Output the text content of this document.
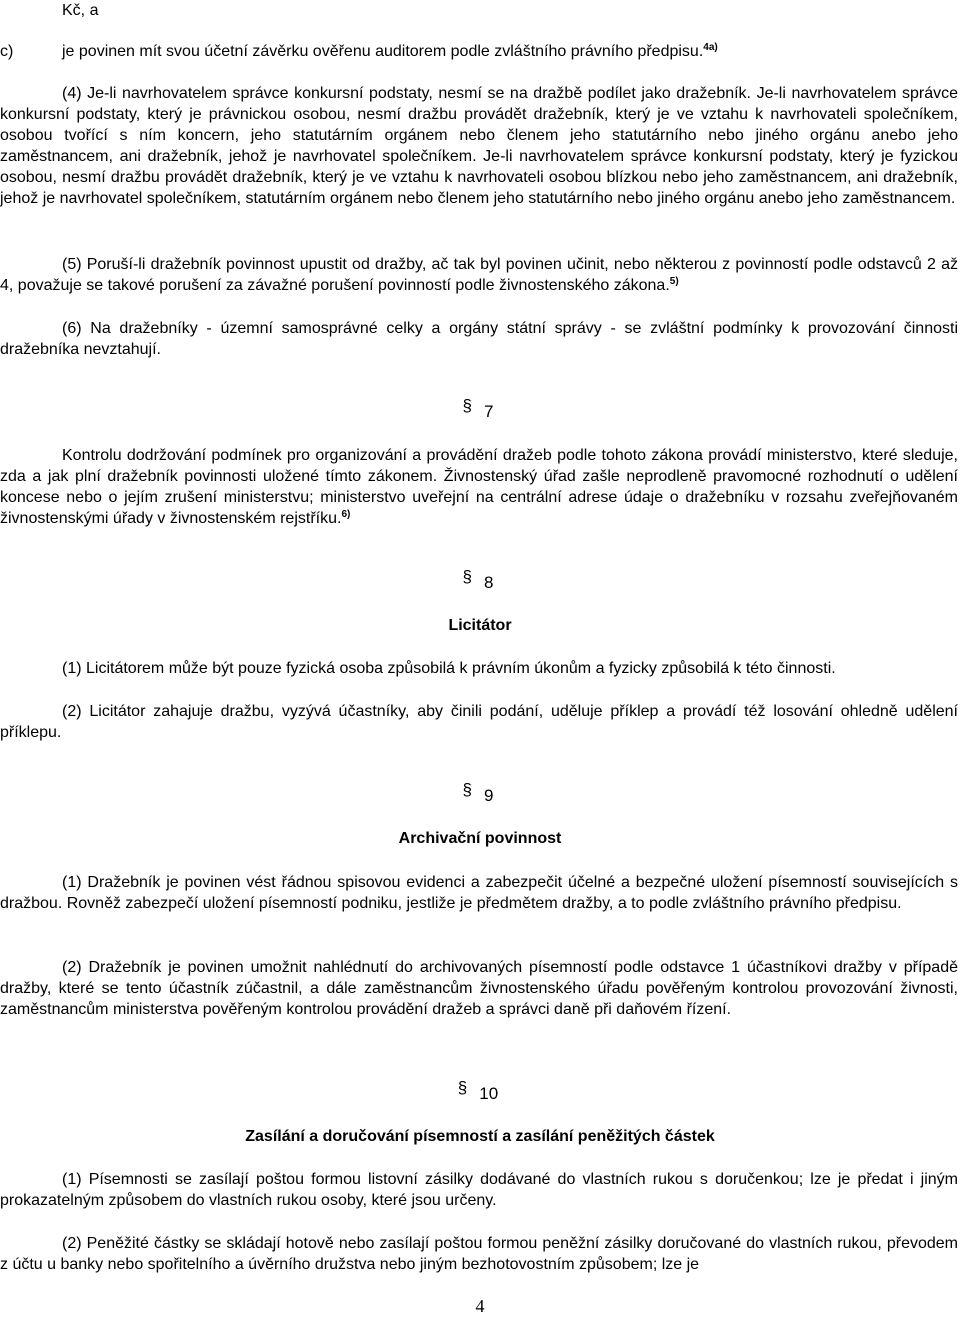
Kč, a

c)	je povinen mít svou účetní závěrku ověřenu auditorem podle zvláštního právního předpisu.$^{4a)}$

(4) Je-li navrhovatelem správce konkursní podstaty, nesmí se na dražbě podílet jako dražebník. Je-li navrhovatelem správce konkursní podstaty, který je právnickou osobou, nesmí dražbu provádět dražebník, který je ve vztahu k navrhovateli společníkem, osobou tvořící s ním koncern, jeho statutárním orgánem nebo členem jeho statutárního nebo jiného orgánu anebo jeho zaměstnancem, ani dražebník, jehož je navrhovatel společníkem. Je-li navrhovatelem správce konkursní podstaty, který je fyzickou osobou, nesmí dražbu provádět dražebník, který je ve vztahu k navrhovateli osobou blízkou nebo jeho zaměstnancem, ani dražebník, jehož je navrhovatel společníkem, statutárním orgánem nebo členem jeho statutárního nebo jiného orgánu anebo jeho zaměstnancem.

(5) Poruší-li dražebník povinnost upustit od dražby, ač tak byl povinen učinit, nebo některou z povinností podle odstavců 2 až 4, považuje se takové porušení za závažné porušení povinností podle živnostenského zákona.$^{5)}$

(6) Na dražebníky - územní samosprávné celky a orgány státní správy - se zvláštní podmínky k provozování činnosti dražebníka nevztahují.

§ 7

Kontrolu dodržování podmínek pro organizování a provádění dražeb podle tohoto zákona provádí ministerstvo, které sleduje, zda a jak plní dražebník povinnosti uložené tímto zákonem. Živnostenský úřad zašle neprodleně pravomocné rozhodnutí o udělení koncese nebo o jejím zrušení ministerstvu; ministerstvo uveřejní na centrální adrese údaje o dražebníku v rozsahu zveřejňovaném živnostenskými úřady v živnostenském rejstříku.$^{6)}$

§ 8
Licitátor

(1) Licitátorem může být pouze fyzická osoba způsobilá k právním úkonům a fyzicky způsobilá k této činnosti.

(2) Licitátor zahajuje dražbu, vyzývá účastníky, aby činili podání, uděluje příklep a provádí též losování ohledně udělení příklepu.

§ 9
Archivační povinnost

(1) Dražebník je povinen vést řádnou spisovou evidenci a zabezpečit účelné a bezpečné uložení písemností souvisejících s dražbou. Rovněž zabezpečí uložení písemností podniku, jestliže je předmětem dražby, a to podle zvláštního právního předpisu.

(2) Dražebník je povinen umožnit nahlédnutí do archivovaných písemností podle odstavce 1 účastníkovi dražby v případě dražby, které se tento účastník zúčastnil, a dále zaměstnancům živnostenského úřadu pověřeným kontrolou provozování živnosti, zaměstnancům ministerstva pověřeným kontrolou provádění dražeb a správci daně při daňovém řízení.

§ 10
Zasílání a doručování písemností a zasílání peněžitých částek

(1) Písemnosti se zasílají poštou formou listovní zásilky dodávané do vlastních rukou s doručenkou; lze je předat i jiným prokazatelným způsobem do vlastních rukou osoby, které jsou určeny.

(2) Peněžité částky se skládají hotově nebo zasílají poštou formou peněžní zásilky doručované do vlastních rukou, převodem z účtu u banky nebo spořitelního a úvěrního družstva nebo jiným bezhotovostním způsobem; lze je

4
